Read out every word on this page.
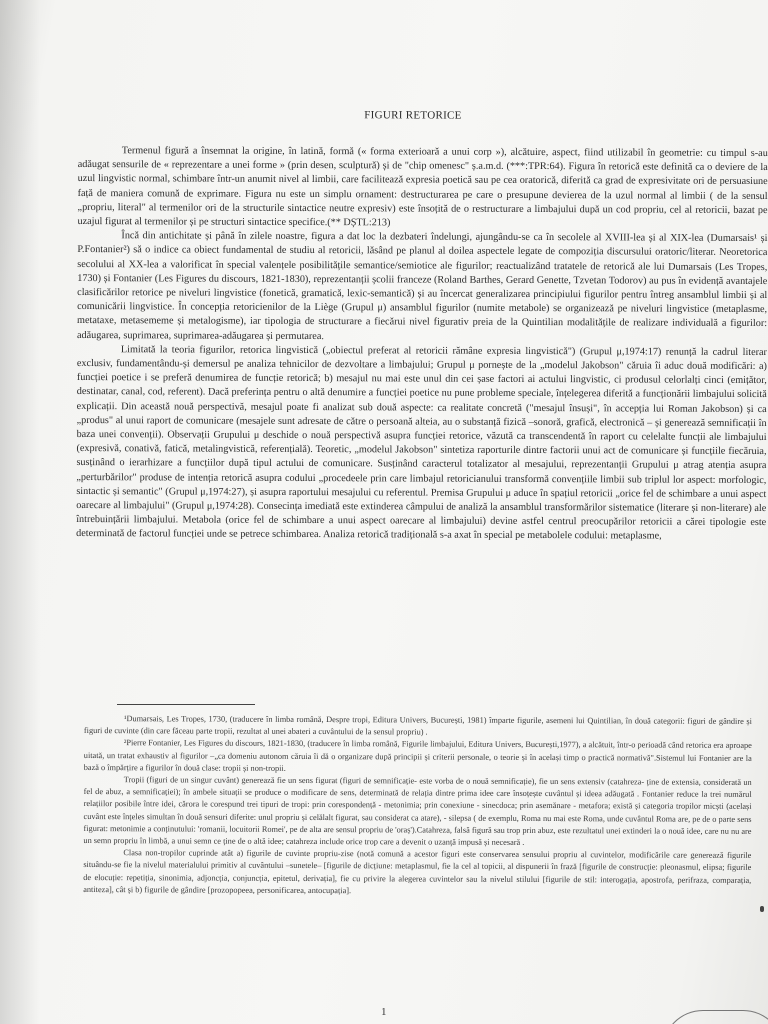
FIGURI RETORICE

Termenul figură a însemnat la origine, în latină, formă (« forma exterioară a unui corp »), alcătuire, aspect, fiind utilizabil în geometrie: cu timpul s-au adăugat sensurile de « reprezentare a unei forme » (prin desen, sculptură) și de "chip omenesc" ș.a.m.d. (***:TPR:64). Figura în retorică este definită ca o deviere de la uzul lingvistic normal, schimbare într-un anumit nivel al limbii, care facilitează expresia poetică sau pe cea oratorică, diferită ca grad de expresivitate ori de persuasiune față de maniera comună de exprimare. Figura nu este un simplu ornament: destructurarea pe care o presupune devierea de la uzul normal al limbii ( de la sensul „propriu, literal" al termenilor ori de la structurile sintactice neutre expresiv) este însoțită de o restructurare a limbajului după un cod propriu, cel al retoricii, bazat pe uzajul figurat al termenilor și pe structuri sintactice specifice.(** DȘTL:213)

Încă din antichitate și până în zilele noastre, figura a dat loc la dezbateri îndelungi, ajungându-se ca în secolele al XVIII-lea și al XIX-lea (Dumarsais¹ și P.Fontanier²) să o indice ca obiect fundamental de studiu al retoricii, lăsând pe planul al doilea aspectele legate de compoziția discursului oratoric/literar. Neoretorica secolului al XX-lea a valorificat în special valențele posibilitățile semantice/semiotice ale figurilor; reactualizând tratatele de retorică ale lui Dumarsais (Les Tropes, 1730) și Fontanier (Les Figures du discours, 1821-1830), reprezentanții școlii franceze (Roland Barthes, Gerard Genette, Tzvetan Todorov) au pus în evidență avantajele clasificărilor retorice pe niveluri lingvistice (fonetică, gramatică, lexic-semantică) și au încercat generalizarea principiului figurilor pentru întreg ansamblul limbii și al comunicării lingvistice. În concepția retoricienilor de la Liège (Grupul μ) ansamblul figurilor (numite metabole) se organizează pe niveluri lingvistice (metaplasme, metataxe, metasememe și metalogisme), iar tipologia de structurare a fiecărui nivel figurativ preia de la Quintilian modalitățile de realizare individuală a figurilor: adăugarea, suprimarea, suprimarea-adăugarea și permutarea.

Limitată la teoria figurilor, retorica lingvistică („obiectul preferat al retoricii rămâne expresia lingvistică") (Grupul μ,1974:17) renunță la cadrul literar exclusiv, fundamentându-și demersul pe analiza tehnicilor de dezvoltare a limbajului; Grupul μ pornește de la „modelul Jakobson" căruia îi aduc două modificări: a) funcției poetice i se preferă denumirea de funcție retorică; b) mesajul nu mai este unul din cei șase factori ai actului lingvistic, ci produsul celorlalți cinci (emițător, destinatar, canal, cod, referent). Dacă preferința pentru o altă denumire a funcției poetice nu pune probleme speciale, înțelegerea diferită a funcționării limbajului solicită explicații. Din această nouă perspectivă, mesajul poate fi analizat sub două aspecte: ca realitate concretă ("mesajul însuși", în accepția lui Roman Jakobson) și ca „produs" al unui raport de comunicare (mesajele sunt adresate de către o persoană alteia, au o substanță fizică –sonoră, grafică, electronică – și generează semnificații în baza unei convenții). Observații Grupului μ deschide o nouă perspectivă asupra funcției retorice, văzută ca transcendentă în raport cu celelalte funcții ale limbajului (expresivă, conativă, fatică, metalingvistică, referențială). Teoretic, „modelul Jakobson" sintetiza raporturile dintre factorii unui act de comunicare și funcțiile fiecăruia, susținând o ierarhizare a funcțiilor după tipul actului de comunicare. Susținând caracterul totalizator al mesajului, reprezentanții Grupului μ atrag atenția asupra „perturbărilor" produse de intenția retorică asupra codului „procedeele prin care limbajul retoricianului transformă convențiile limbii sub triplul lor aspect: morfologic, sintactic și semantic" (Grupul μ,1974:27), și asupra raportului mesajului cu referentul. Premisa Grupului μ aduce în spațiul retoricii „orice fel de schimbare a unui aspect oarecare al limbajului" (Grupul μ,1974:28). Consecința imediată este extinderea câmpului de analiză la ansamblul transformărilor sistematice (literare și non-literare) ale întrebuințării limbajului. Metabola (orice fel de schimbare a unui aspect oarecare al limbajului) devine astfel centrul preocupărilor retoricii a cărei tipologie este determinată de factorul funcției unde se petrece schimbarea. Analiza retorică tradițională s-a axat în special pe metabolele codului: metaplasme,

¹Dumarsais, Les Tropes, 1730, (traducere în limba română, Despre tropi, Editura Univers, București, 1981) împarte figurile, asemeni lui Quintilian, în două categorii: figuri de gândire și figuri de cuvinte (din care făceau parte tropii, rezultat al unei abateri a cuvântului de la sensul propriu) .

²Pierre Fontanier, Les Figures du discours, 1821-1830, (traducere în limba română, Figurile limbajului, Editura Univers, București,1977), a alcătuit, într-o perioadă când retorica era aproape uitată, un tratat exhaustiv al figurilor –„ca domeniu autonom căruia îi dă o organizare după principii și criterii personale, o teorie și în același timp o practică normativă".Sistemul lui Fontanier are la bază o împărțire a figurilor în două clase: tropii și non-tropii.

Tropii (figuri de un singur cuvânt) generează fie un sens figurat (figuri de semnificație- este vorba de o nouă semnificație), fie un sens extensiv (catahreza- ține de extensia, considerată un fel de abuz, a semnificației); în ambele situații se produce o modificare de sens, determinată de relația dintre prima idee care însoțește cuvântul și ideea adăugată . Fontanier reduce la trei numărul relațiilor posibile între idei, cărora le corespund trei tipuri de tropi: prin corespondență - metonimia; prin conexiune - sinecdoca; prin asemănare - metafora; există și categoria tropilor micști (același cuvânt este înțeles simultan în două sensuri diferite: unul propriu și celălalt figurat, sau considerat ca atare), - silepsa ( de exemplu, Roma nu mai este Roma, unde cuvântul Roma are, pe de o parte sens figurat: metonimie a conținutului: 'romanii, locuitorii Romei', pe de alta are sensul propriu de 'oraș').Catahreza, falsă figură sau trop prin abuz, este rezultatul unei extinderi la o nouă idee, care nu nu are un semn propriu în limbă, a unui semn ce ține de o altă idee; catahreza include orice trop care a devenit o uzanță impusă și necesară .

Clasa non-tropilor cuprinde atât a) figurile de cuvinte propriu-zise (notă comună a acestor figuri este conservarea sensului propriu al cuvintelor, modificările care generează figurile situându-se fie la nivelul materialului primitiv al cuvântului –sunetele– [figurile de dicțiune: metaplasmul, fie la cel al topicii, al dispunerii în frază [figurile de construcție: pleonasmul, elipsa; figurile de elocuție: repetiția, sinonimia, adjoncția, conjuncția, epitetul, derivația], fie cu privire la alegerea cuvintelor sau la nivelul stilului [figurile de stil: interogația, apostrofa, perifraza, comparația, antiteza], cât și b) figurile de gândire [prozopopeea, personificarea, antocupația].

1
